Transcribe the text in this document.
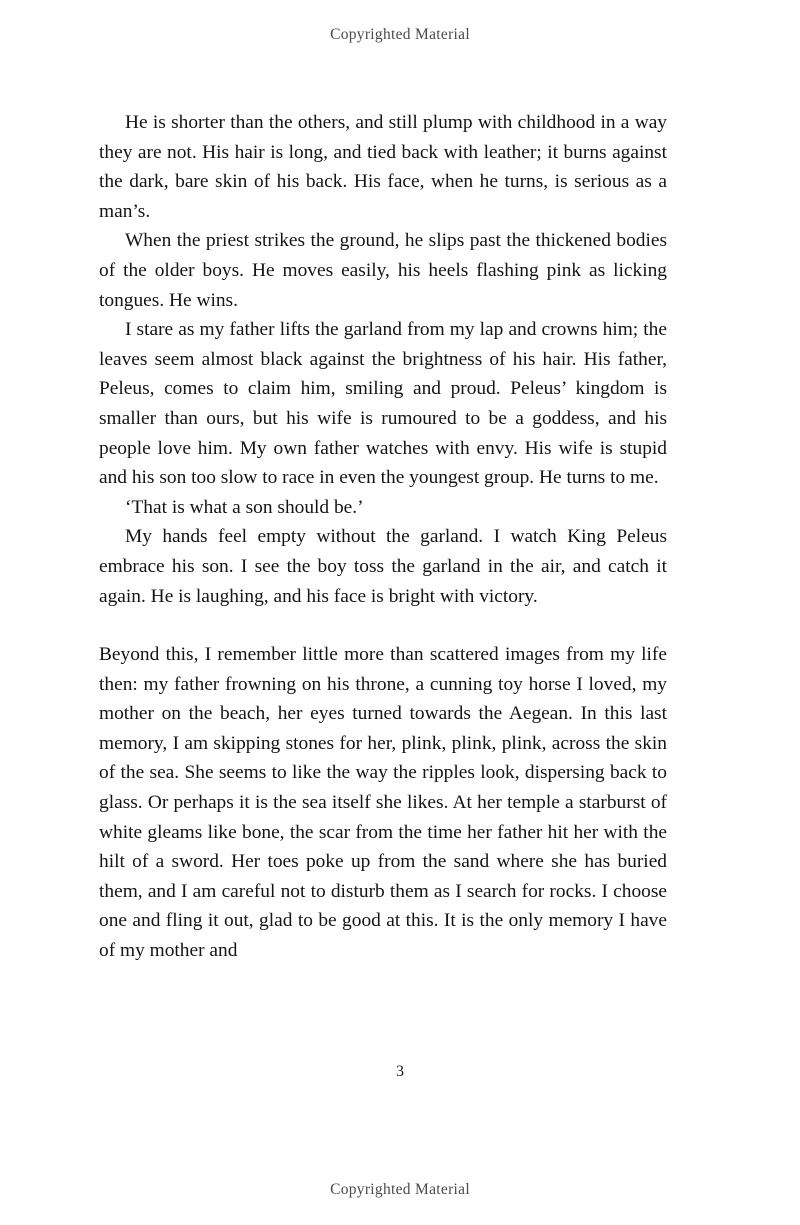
Copyrighted Material

He is shorter than the others, and still plump with childhood in a way they are not. His hair is long, and tied back with leather; it burns against the dark, bare skin of his back. His face, when he turns, is serious as a man’s.

When the priest strikes the ground, he slips past the thickened bodies of the older boys. He moves easily, his heels flashing pink as licking tongues. He wins.

I stare as my father lifts the garland from my lap and crowns him; the leaves seem almost black against the brightness of his hair. His father, Peleus, comes to claim him, smiling and proud. Peleus’ kingdom is smaller than ours, but his wife is rumoured to be a goddess, and his people love him. My own father watches with envy. His wife is stupid and his son too slow to race in even the youngest group. He turns to me.

‘That is what a son should be.’

My hands feel empty without the garland. I watch King Peleus embrace his son. I see the boy toss the garland in the air, and catch it again. He is laughing, and his face is bright with victory.

Beyond this, I remember little more than scattered images from my life then: my father frowning on his throne, a cunning toy horse I loved, my mother on the beach, her eyes turned towards the Aegean. In this last memory, I am skipping stones for her, plink, plink, plink, across the skin of the sea. She seems to like the way the ripples look, dispersing back to glass. Or perhaps it is the sea itself she likes. At her temple a starburst of white gleams like bone, the scar from the time her father hit her with the hilt of a sword. Her toes poke up from the sand where she has buried them, and I am careful not to disturb them as I search for rocks. I choose one and fling it out, glad to be good at this. It is the only memory I have of my mother and

3
Copyrighted Material
